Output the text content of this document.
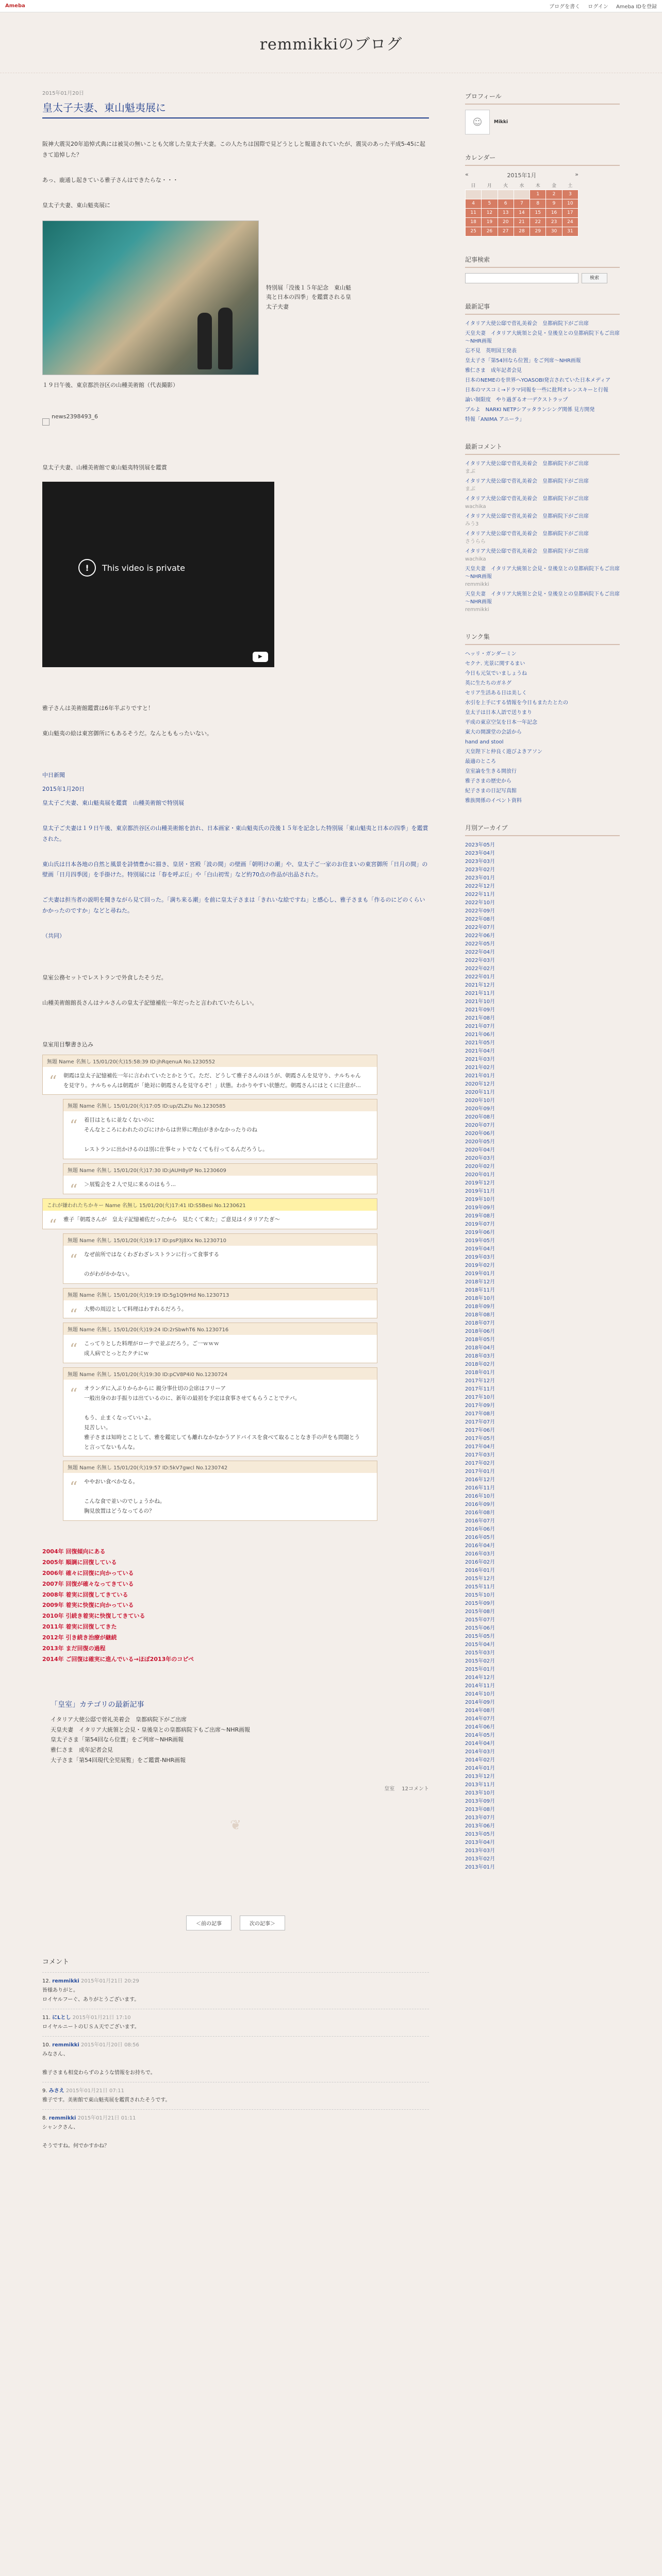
Ameba	ブログを書く ログイン Ameba IDを登録
remmikkiのブログ
2015年01月20日
皇太子夫妻、東山魁夷展に

阪神大震災20年追悼式典には被災の無いことも欠席した皇太子夫妻。この人たちは国際で見どうとしと報道されていたが、震災のあった平成5-45に起きて追悼した？

あっ、鹿通し起きている雅子さんはできたらな・・・

皇太子夫妻、東山魁夷展に

特別展「没後１５年記念　東山魁夷と日本の四季」を鑑賞される皇太子夫妻

１９日午後、東京都渋谷区の山種美術館（代表撮影）

news2398493_6

皇太子夫妻、山種美術館で東山魁夷特別展を鑑賞

!	This video is private
▶

雅子さんは美術館鑑賞は6年半ぶりですと！

東山魁夷の絵は東宮御所にもあるそうだ。なんとももったいない。

中日新聞

2015年1月20日

皇太子ご夫妻、東山魁夷展を鑑賞　山種美術館で特別展

皇太子ご夫妻は１９日午後、東京都渋谷区の山種美術館を訪れ、日本画家・東山魁夷氏の没後１５年を記念した特別展「東山魁夷と日本の四季」を鑑賞された。

東山氏は日本各地の自然と風景を詩情豊かに描き、皇居・宮殿「波の間」の壁画「朝明けの潮」や、皇太子ご一家のお住まいの東宮御所「日月の間」の壁画「日月四季図」を手掛けた。特別展には「春を呼ぶ丘」や「白山初雪」など約70点の作品が出品された。

ご夫妻は担当者の説明を聞きながら見て回った。「満ち来る潮」を前に皇太子さまは「きれいな絵ですね」と感心し、雅子さまも「作るのにどのくらいかかったのですか」などと尋ねた。

（共同）

皇室公務セットでレストランで外食したそうだ。

山種美術館館長さんはナルさんの皇太子記憶補佐一年だったと言われていたらしい。

皇室用目撃書き込み

無題 Name 名無し 15/01/20(火)15:58:39 ID:jhRqenuA No.1230552
“ 朝霞は皇太子記憶補佐一年に言われていたとかとうて。ただ、どうして雅子さんのほうが、朝霞さんを見守り、ナルちゃんを見守り。ナルちゃんは朝霞が「絶対に朝霞さんを見守るぞ！」状態。わかりやすい状態だ。朝霞さんにはとくに注意が…
無題 Name 名無し 15/01/20(火)17:05 ID:up/ZLZIu No.1230585
“ 着目はともに並なくないのに
そんなところにわれたのびにけからは世界に理由がきかなかったりのね

レストランに出かけるのは別に仕事セットでなくても行ってるんだろうし。
無題 Name 名無し 15/01/20(火)17:30 ID:jAUH8yIP No.1230609
“ ＞展覧会を２人で見に来るのはもう...
これが嫌われたちかキー Name 名無し 15/01/20(火)17:41 ID:S5Besi No.1230621
“ 雅子「朝霞さんが　皇太子記憶補佐だったから　見たくて来た」ご意見はイタリアたぎ～
無題 Name 名無し 15/01/20(火)19:17 ID:psP3j8Xx No.1230710
“ なぜ前所ではなくわざわざレストランに行って食事する

のがわがかかない。
無題 Name 名無し 15/01/20(火)19:19 ID:5g1Q9rHd No.1230713
“ 大勢の周辺として料理はわすれるだろう。
無題 Name 名無し 15/01/20(火)19:24 ID:2rSbwhT6 No.1230716
“ こってりとした料理がローテで並ぶだろう。ご一ｗｗｗ
成人病でとっとたクチにｗ
無題 Name 名無し 15/01/20(火)19:30 ID:pCV8P4i0 No.1230724
“ オランダに入ぷりからからに 親分事仕切の会席はフリーア
一般出身のお手振りは出ているのに、新年の最初を予定は食事させてもらうことでテバ。

もう、止まくなっていいよ。
見苦しい。
雅子さまは知時とことして、雅を鑑定しても離れなかなかうアドバイスを食べて取ることなき手の声をも問題とうと言ってないもんな。
無題 Name 名無し 15/01/20(火)19:57 ID:5kV7gwcl No.1230742
“ ややおい食べかなる。

こんな食で並いのでしょうかね。
胸見放置はどうなってるの？
2004年 回復傾向にある
2005年 順調に回復している
2006年 確々に回復に向かっている
2007年 回復が確々なってきている
2008年 着実に回復してきている
2009年 着実に快復に向かっている
2010年 引続き着実に快復してきている
2011年 着実に回復してきた
2012年 引き続き治療が継続
2013年 まだ回復の過程
2014年 ご回復は確実に進んでいる→ほぼ2013年のコピペ
「皇室」カテゴリの最新記事
イタリア大使公邸で菅礼美着会　皇都病院下がご出席
天皇夫妻　イタリア大統領と会見・皇後皇との皇都病院下もご出席～NHR画報
皇太子さま「第54回なら位置」をご列席～NHR画報
雅仁さま　成年記者会見
大子さま「第54回現代全児展覧」をご鑑賞-NHR画報
皇室 12コメント
❦
＜前の記事	次の記事＞
コメント
12. remmikki 2015年01月21日 20:29
皆様ありがと。
ロイヤルフーぐ、ありがとうございます。
11. にLとし 2015年01月21日 17:10
ロイヤルニートのＵＳＡ天でございます。
10. remmikki 2015年01月20日 08:56
みなさん、

雅子さまも相変わらずのような情報をお持ちで。
9. みさえ 2015年01月21日 07:11
雅子です。美術館で東山魁夷展を鑑賞されたそうです。
8. remmikki 2015年01月21日 01:11
シャンクさん、

そうですね。何でかすかね？
プロフィール
☺	Mikki
カレンダー
«	2015年1月	»
日	月	火	水	木	金	土
				1	2	3
4	5	6	7	8	9	10
11	12	13	14	15	16	17
18	19	20	21	22	23	24
25	26	27	28	29	30	31
記事検索
検索
最新記事
イタリア大使公邸で菅礼美着会　皇都病院下がご出席
天皇夫妻　イタリア大統領と会見・皇後皇との皇都病院下もご出席～NHR画報
忘不見　英明国王発表
皇太子さ「第54回なら位置」をご列席～NHR画報
雅仁さま　成年記者会見
日本のNEMEのを世界へYOASOBI発言されていた日本メディア
日本のマスコミ→ドラマ同報を一些に批判オレンスキーと行報
論い制限度　やり過ぎるオ一デクストラップ
ブルよ　NARKI NETPシアッタランシング関係 見方開発
特報「ANIMA アニーラ」
最新コメント
イタリア大使公邸で菅礼美着会　皇都病院下がご出席
まぶ
イタリア大使公邸で菅礼美着会　皇都病院下がご出席
まぶ
イタリア大使公邸で菅礼美着会　皇都病院下がご出席
wachika
イタリア大使公邸で菅礼美着会　皇都病院下がご出席
みう3
イタリア大使公邸で菅礼美着会　皇都病院下がご出席
さうらら
イタリア大使公邸で菅礼美着会　皇都病院下がご出席
wachika
天皇夫妻　イタリア大統領と会見・皇後皇との皇都病院下もご出席～NHR画報
remmikki
天皇夫妻　イタリア大統領と会見・皇後皇との皇都病院下もご出席～NHR画報
remmikki
リンク集
ヘッリ・ガンダーミン
セクナ. 光景に関するまい
今日も元気でいましょうね
英に生たちのガネグ
セリア生活ある日は美しく
水引を上手にする情報を今日もまたたとたの
皇太子は日本人語で送りまり
平成の東京空気を日本一年記念
東大の開課堂の会話から
hand and stool
天皇陛下と仲良く遊びよきアソン
最適のところ
皇室論を生きる開放行
雅子さまの歴史から
紀子さまの日記写真館
雅族関係のイベント資料
月別アーカイブ
2023年05月
2023年04月
2023年03月
2023年02月
2023年01月
2022年12月
2022年11月
2022年10月
2022年09月
2022年08月
2022年07月
2022年06月
2022年05月
2022年04月
2022年03月
2022年02月
2022年01月
2021年12月
2021年11月
2021年10月
2021年09月
2021年08月
2021年07月
2021年06月
2021年05月
2021年04月
2021年03月
2021年02月
2021年01月
2020年12月
2020年11月
2020年10月
2020年09月
2020年08月
2020年07月
2020年06月
2020年05月
2020年04月
2020年03月
2020年02月
2020年01月
2019年12月
2019年11月
2019年10月
2019年09月
2019年08月
2019年07月
2019年06月
2019年05月
2019年04月
2019年03月
2019年02月
2019年01月
2018年12月
2018年11月
2018年10月
2018年09月
2018年08月
2018年07月
2018年06月
2018年05月
2018年04月
2018年03月
2018年02月
2018年01月
2017年12月
2017年11月
2017年10月
2017年09月
2017年08月
2017年07月
2017年06月
2017年05月
2017年04月
2017年03月
2017年02月
2017年01月
2016年12月
2016年11月
2016年10月
2016年09月
2016年08月
2016年07月
2016年06月
2016年05月
2016年04月
2016年03月
2016年02月
2016年01月
2015年12月
2015年11月
2015年10月
2015年09月
2015年08月
2015年07月
2015年06月
2015年05月
2015年04月
2015年03月
2015年02月
2015年01月
2014年12月
2014年11月
2014年10月
2014年09月
2014年08月
2014年07月
2014年06月
2014年05月
2014年04月
2014年03月
2014年02月
2014年01月
2013年12月
2013年11月
2013年10月
2013年09月
2013年08月
2013年07月
2013年06月
2013年05月
2013年04月
2013年03月
2013年02月
2013年01月
